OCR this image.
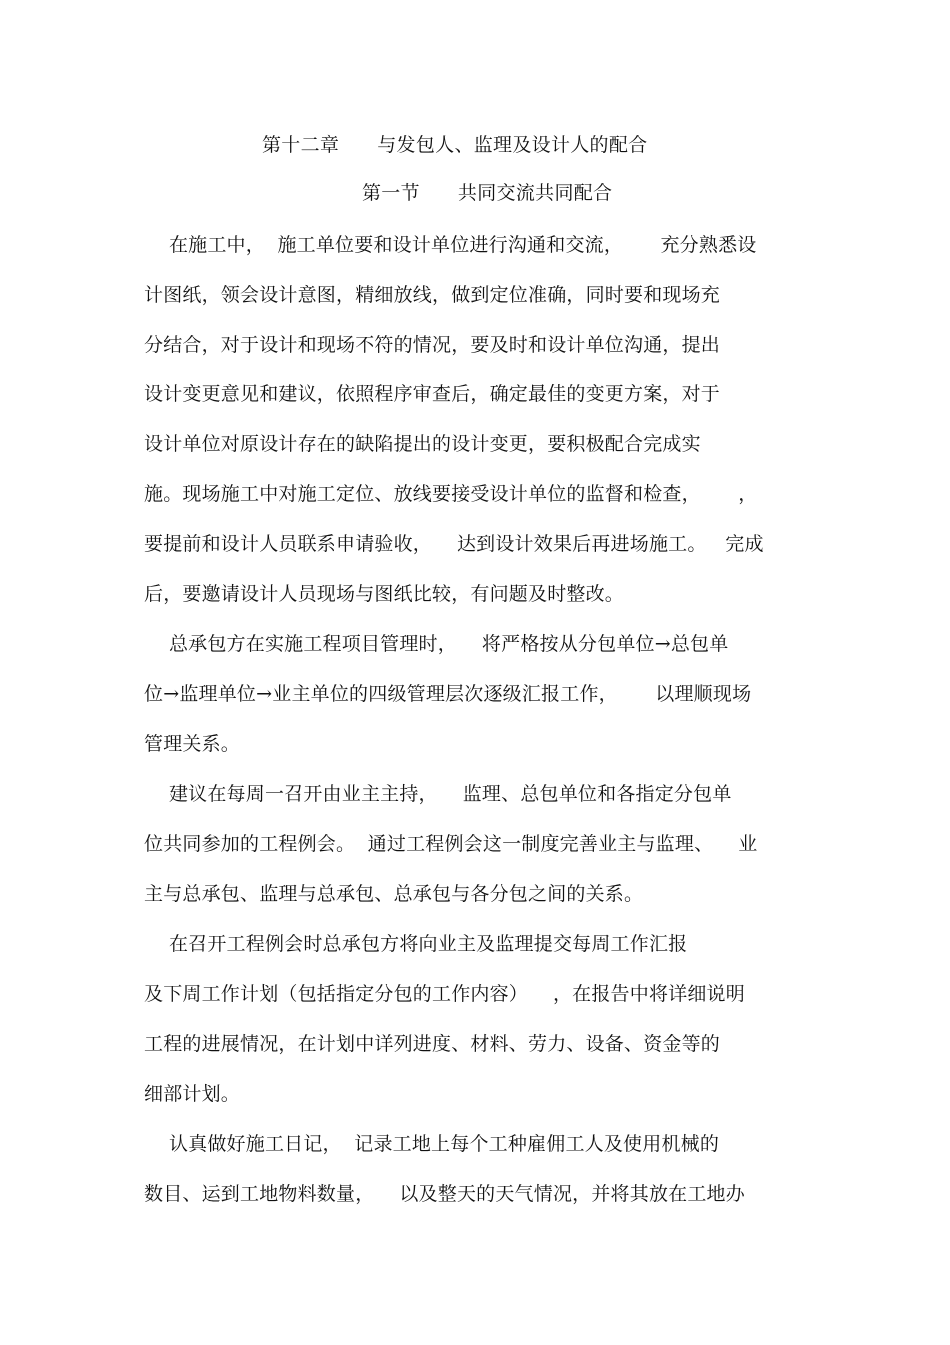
第十二章      与发包人、监理及设计人的配合
第一节      共同交流共同配合
在施工中，  施工单位要和设计单位进行沟通和交流，      充分熟悉设
计图纸，领会设计意图，精细放线，做到定位准确，同时要和现场充
分结合，对于设计和现场不符的情况，要及时和设计单位沟通，提出
设计变更意见和建议，依照程序审查后，确定最佳的变更方案，对于
设计单位对原设计存在的缺陷提出的设计变更，要积极配合完成实
施。现场施工中对施工定位、放线要接受设计单位的监督和检查，      ，
要提前和设计人员联系申请验收，    达到设计效果后再进场施工。   完成
后，要邀请设计人员现场与图纸比较，有问题及时整改。
总承包方在实施工程项目管理时，    将严格按从分包单位→总包单
位→监理单位→业主单位的四级管理层次逐级汇报工作，      以理顺现场
管理关系。
建议在每周一召开由业主主持，    监理、总包单位和各指定分包单
位共同参加的工程例会。  通过工程例会这一制度完善业主与监理、    业
主与总承包、监理与总承包、总承包与各分包之间的关系。
在召开工程例会时总承包方将向业主及监理提交每周工作汇报
及下周工作计划（包括指定分包的工作内容）    ，在报告中将详细说明
工程的进展情况，在计划中详列进度、材料、劳力、设备、资金等的
细部计划。
认真做好施工日记，  记录工地上每个工种雇佣工人及使用机械的
数目、运到工地物料数量，    以及整天的天气情况，并将其放在工地办
